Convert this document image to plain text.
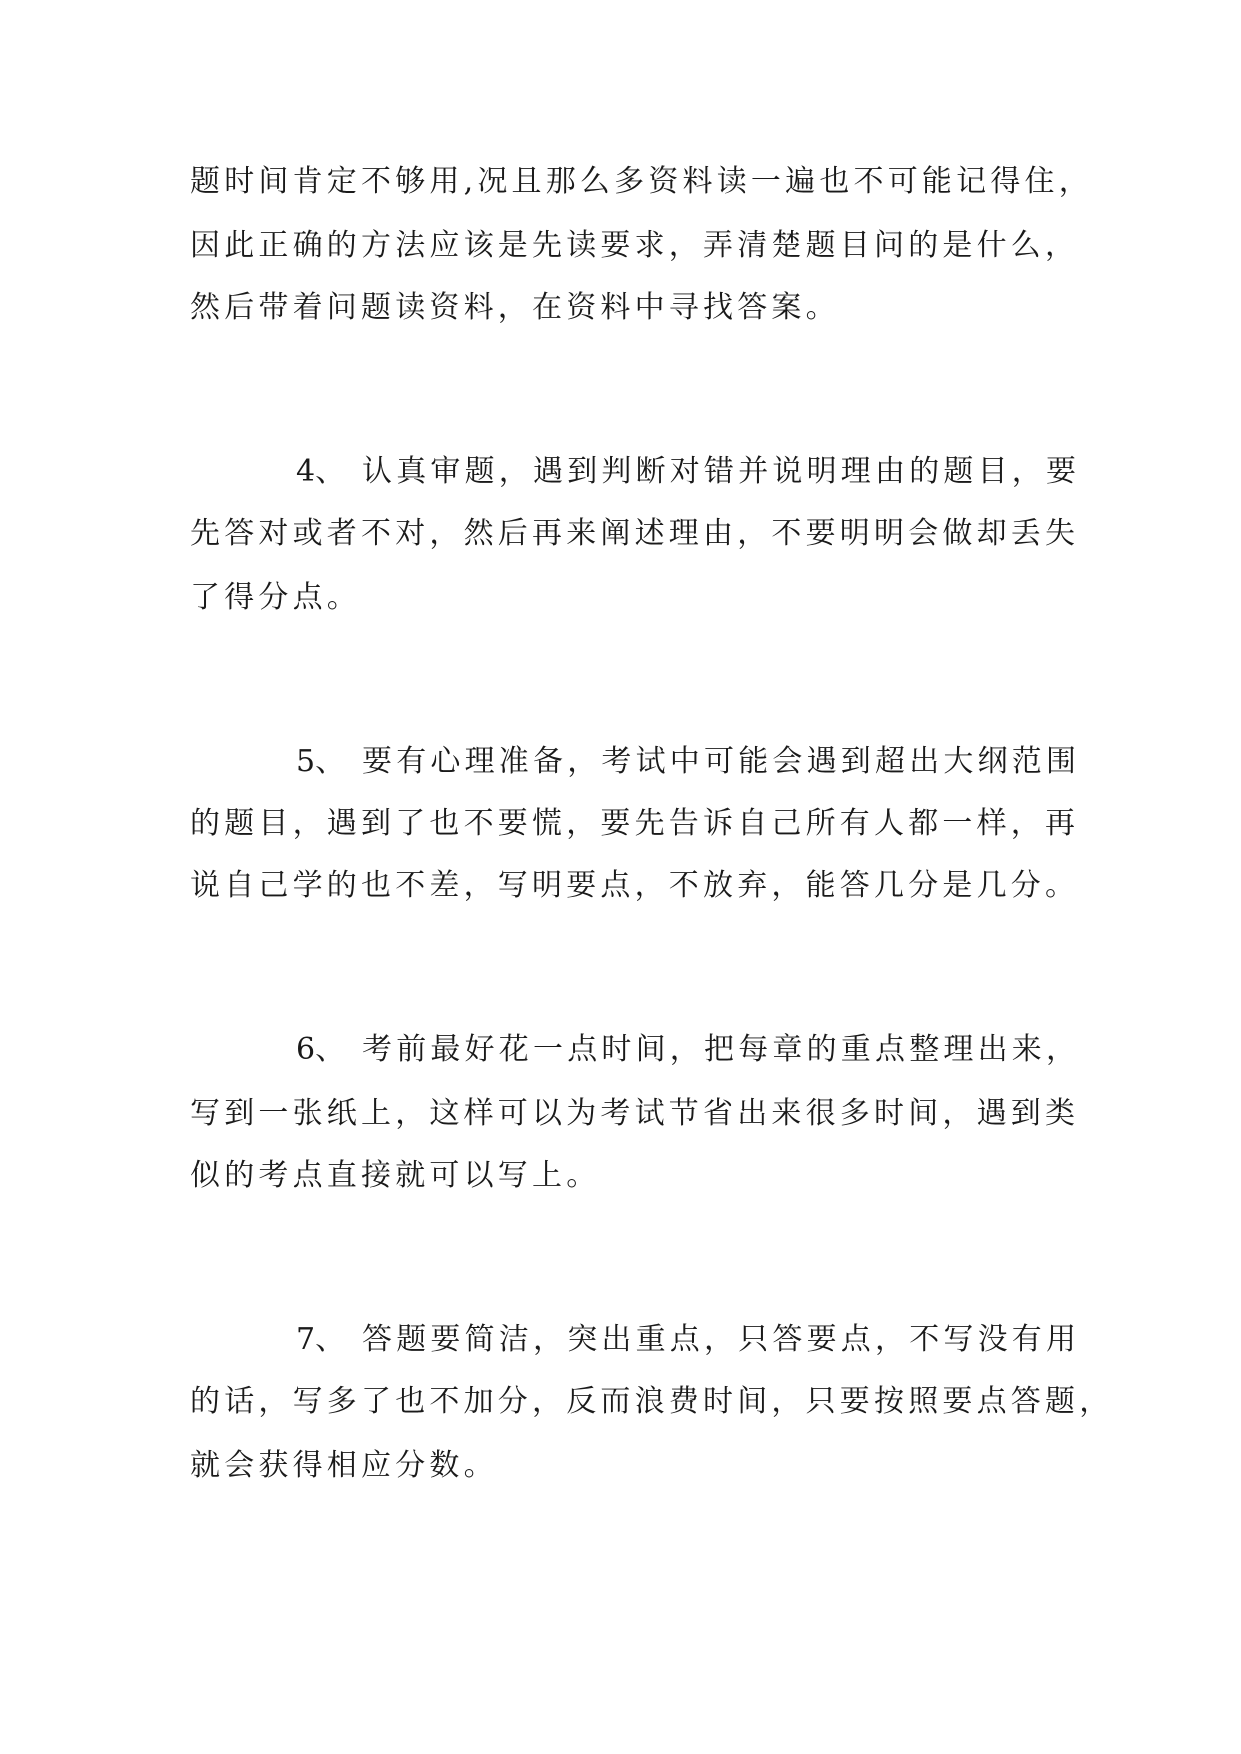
题时间肯定不够用,况且那么多资料读一遍也不可能记得住，

因此正确的方法应该是先读要求，弄清楚题目问的是什么，

然后带着问题读资料，在资料中寻找答案。

4、 认真审题，遇到判断对错并说明理由的题目，要

先答对或者不对，然后再来阐述理由，不要明明会做却丢失

了得分点。

5、 要有心理准备，考试中可能会遇到超出大纲范围

的题目，遇到了也不要慌，要先告诉自己所有人都一样，再

说自己学的也不差，写明要点，不放弃，能答几分是几分。

6、 考前最好花一点时间，把每章的重点整理出来，

写到一张纸上，这样可以为考试节省出来很多时间，遇到类

似的考点直接就可以写上。

7、 答题要简洁，突出重点，只答要点，不写没有用

的话，写多了也不加分，反而浪费时间，只要按照要点答题，

就会获得相应分数。
